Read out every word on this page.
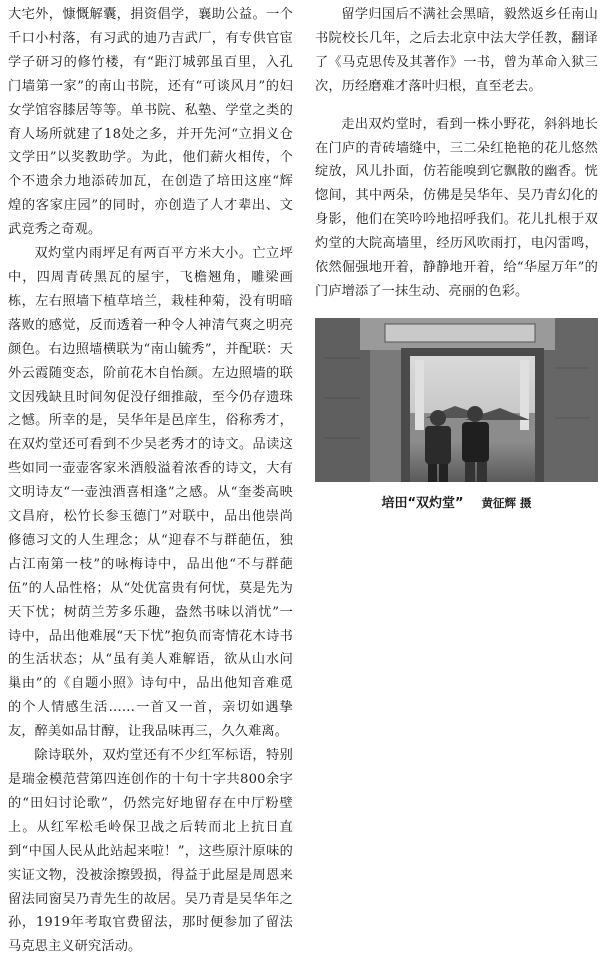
大宅外，慷慨解囊，捐资倡学，襄助公益。一个千口小村落，有习武的迪乃吉武厂，有专供官宦学子研习的修竹楼，有“距汀城郭虽百里，入孔门墙第一家”的南山书院，还有“可谈风月”的妇女学馆容膝居等等。单书院、私塾、学堂之类的育人场所就建了18处之多，并开先河“立捐义仓文学田”以奖教助学。为此，他们薪火相传，个个不遗余力地添砖加瓦，在创造了培田这座“辉煌的客家庄园”的同时，亦创造了人才辈出、文武竞秀之奇观。

双灼堂内雨坪足有两百平方米大小。亡立坪中，四周青砖黑瓦的屋宇，飞檐翘角，雕梁画栋，左右照墙下植草培兰，栽桂种菊，没有明暗落败的感觉，反而透着一种令人神清气爽之明亮颜色。右边照墙横联为“南山毓秀”，并配联：天外云霞随变态，阶前花木自怡颜。左边照墙的联文因残缺且时间匆促没仔细推敲，至今仍存遗珠之憾。所幸的是，吴华年是邑庠生，俗称秀才，在双灼堂还可看到不少吴老秀才的诗文。品读这些如同一壶壶客家米酒般溢着浓香的诗文，大有文明诗友“一壶浊酒喜相逢”之感。从“奎娄高映文昌府，松竹长参玉德门”对联中，品出他崇尚修德习文的人生理念；从“迎春不与群葩伍，独占江南第一枝”的咏梅诗中，品出他“不与群葩伍”的人品性格；从“处优富贵有何忧，莫是先为天下忧；树荫兰芳多乐趣，盎然书味以消忧”一诗中，品出他难展“天下忧”抱负而寄情花木诗书的生活状态；从“虽有美人难解语，欲从山水问巢由”的《自题小照》诗句中，品出他知音难觅的个人情感生活……一首又一首，亲切如遇挚友，醉美如品甘醇，让我品味再三，久久难离。

除诗联外，双灼堂还有不少红军标语，特别是瑞金模范营第四连创作的十句十字共800余字的“田妇讨论歌”，仍然完好地留存在中厅粉壁上。从红军松毛岭保卫战之后转而北上抗日直到“中国人民从此站起来啦！”，这些原汁原味的实证文物，没被涂擦毁损，得益于此屋是周恩来留法同窗吴乃青先生的故居。吴乃青是吴华年之孙，1919年考取官费留法，那时便参加了留法马克思主义研究活动。

留学归国后不满社会黑暗，毅然返乡任南山书院校长几年，之后去北京中法大学任教，翻译了《马克思传及其著作》一书，曾为革命入狱三次，历经磨难才落叶归根，直至老去。

走出双灼堂时，看到一株小野花，斜斜地长在门庐的青砖墙缝中，三二朵红艳艳的花儿悠然绽放，风儿扑面，仿若能嗅到它飘散的幽香。恍惚间，其中两朵，仿佛是吴华年、吴乃青幻化的身影，他们在笑吟吟地招呼我们。花儿扎根于双灼堂的大院高墙里，经历风吹雨打，电闪雷鸣，依然倔强地开着，静静地开着，给“华屋万年”的门庐增添了一抹生动、亮丽的色彩。

培田“双灼堂” 黄征辉 摄
